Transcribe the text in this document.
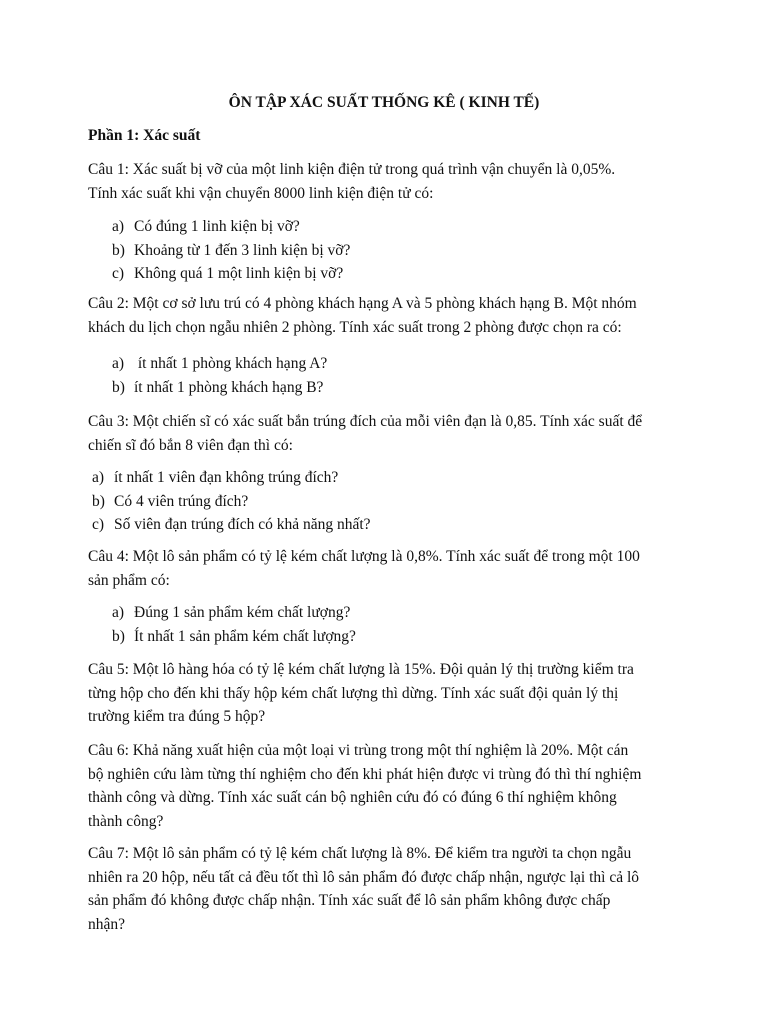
ÔN TẬP XÁC SUẤT THỐNG KÊ ( KINH TẾ)
Phần 1: Xác suất
Câu 1: Xác suất bị vỡ của một linh kiện điện tử trong quá trình vận chuyển là 0,05%.
Tính xác suất khi vận chuyển 8000 linh kiện điện tử có:
a) Có đúng 1 linh kiện bị vỡ?
b) Khoảng từ 1 đến 3 linh kiện bị vỡ?
c) Không quá 1 một linh kiện bị vỡ?
Câu 2: Một cơ sở lưu trú có 4 phòng khách hạng A và 5 phòng khách hạng B. Một nhóm
khách du lịch chọn ngẫu nhiên 2 phòng. Tính xác suất trong 2 phòng được chọn ra có:
a) ít nhất 1 phòng khách hạng A?
b) ít nhất 1 phòng khách hạng B?
Câu 3: Một chiến sĩ có xác suất bắn trúng đích của mỗi viên đạn là 0,85. Tính xác suất để
chiến sĩ đó bắn 8 viên đạn thì có:
a) ít nhất 1 viên đạn không trúng đích?
b) Có 4 viên trúng đích?
c) Số viên đạn trúng đích có khả năng nhất?
Câu 4: Một lô sản phẩm có tỷ lệ kém chất lượng là 0,8%. Tính xác suất để trong một 100
sản phẩm có:
a) Đúng 1 sản phẩm kém chất lượng?
b) Ít nhất 1 sản phẩm kém chất lượng?
Câu 5: Một lô hàng hóa có tỷ lệ kém chất lượng là 15%. Đội quản lý thị trường kiểm tra
từng hộp cho đến khi thấy hộp kém chất lượng thì dừng. Tính xác suất đội quản lý thị
trường kiểm tra đúng 5 hộp?
Câu 6: Khả năng xuất hiện của một loại vi trùng trong một thí nghiệm là 20%. Một cán
bộ nghiên cứu làm từng thí nghiệm cho đến khi phát hiện được vi trùng đó thì thí nghiệm
thành công và dừng. Tính xác suất cán bộ nghiên cứu đó có đúng 6 thí nghiệm không
thành công?
Câu 7: Một lô sản phẩm có tỷ lệ kém chất lượng là 8%. Để kiểm tra người ta chọn ngẫu
nhiên ra 20 hộp, nếu tất cả đều tốt thì lô sản phẩm đó được chấp nhận, ngược lại thì cả lô
sản phẩm đó không được chấp nhận. Tính xác suất để lô sản phẩm không được chấp
nhận?
